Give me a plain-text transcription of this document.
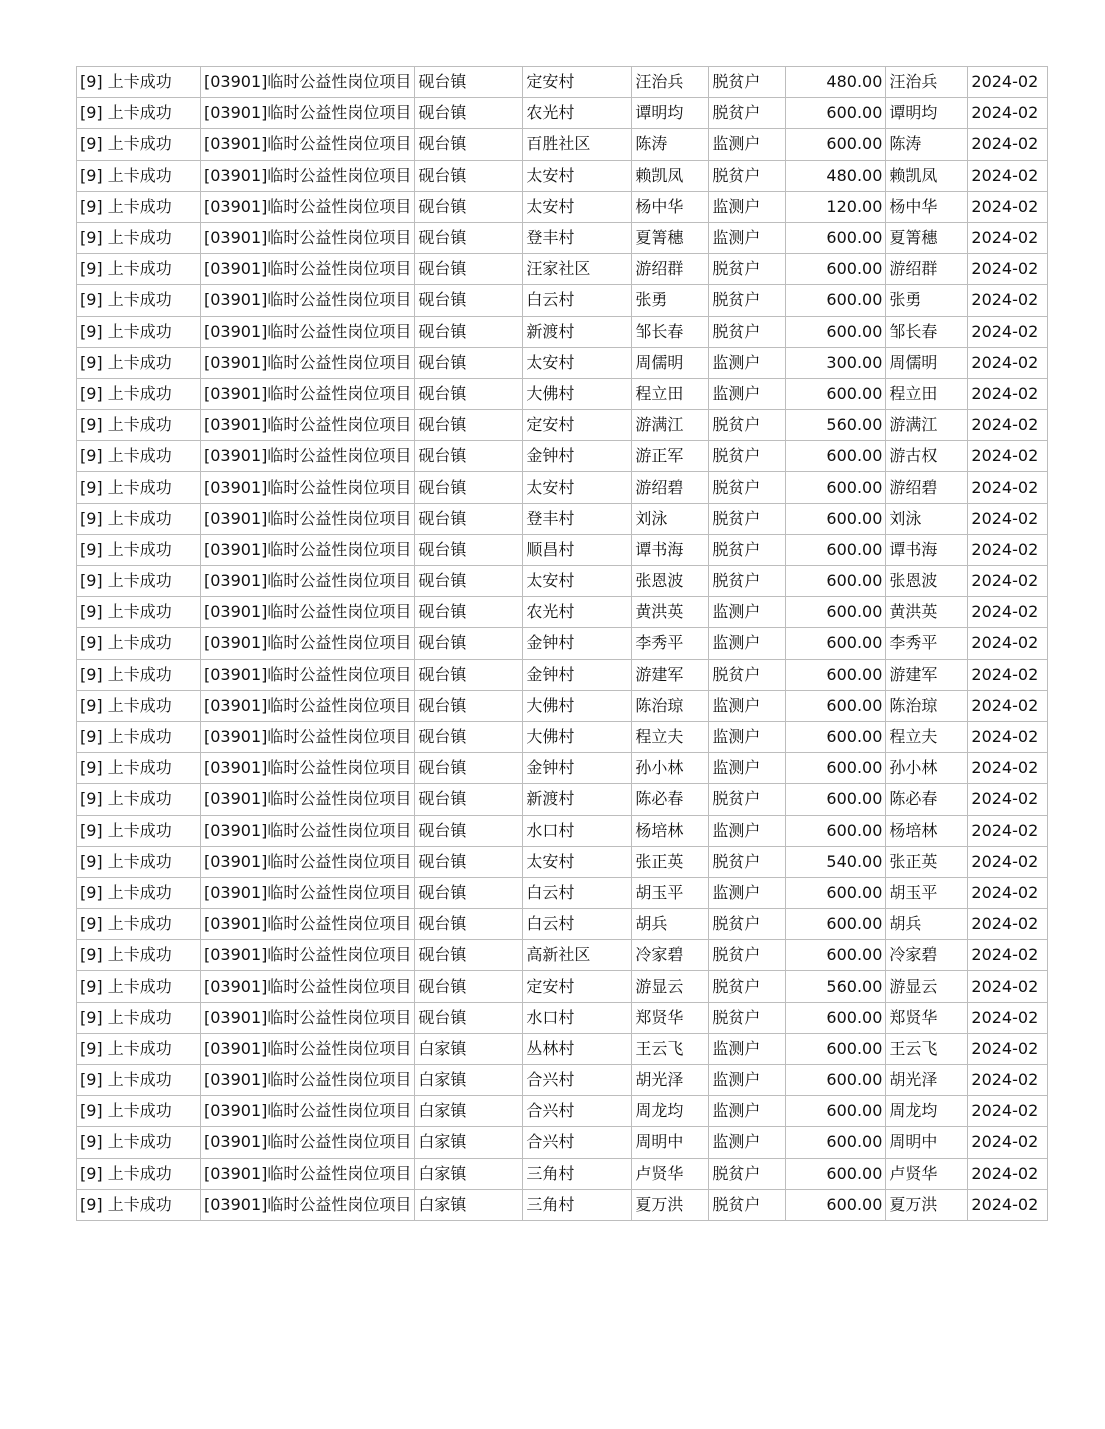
[9] 上卡成功	[03901]临时公益性岗位项目	砚台镇	定安村	汪治兵	脱贫户	480.00	汪治兵	2024-02
[9] 上卡成功	[03901]临时公益性岗位项目	砚台镇	农光村	谭明均	脱贫户	600.00	谭明均	2024-02
[9] 上卡成功	[03901]临时公益性岗位项目	砚台镇	百胜社区	陈涛	监测户	600.00	陈涛	2024-02
[9] 上卡成功	[03901]临时公益性岗位项目	砚台镇	太安村	赖凯凤	脱贫户	480.00	赖凯凤	2024-02
[9] 上卡成功	[03901]临时公益性岗位项目	砚台镇	太安村	杨中华	监测户	120.00	杨中华	2024-02
[9] 上卡成功	[03901]临时公益性岗位项目	砚台镇	登丰村	夏箐穗	监测户	600.00	夏箐穗	2024-02
[9] 上卡成功	[03901]临时公益性岗位项目	砚台镇	汪家社区	游绍群	脱贫户	600.00	游绍群	2024-02
[9] 上卡成功	[03901]临时公益性岗位项目	砚台镇	白云村	张勇	脱贫户	600.00	张勇	2024-02
[9] 上卡成功	[03901]临时公益性岗位项目	砚台镇	新渡村	邹长春	脱贫户	600.00	邹长春	2024-02
[9] 上卡成功	[03901]临时公益性岗位项目	砚台镇	太安村	周儒明	监测户	300.00	周儒明	2024-02
[9] 上卡成功	[03901]临时公益性岗位项目	砚台镇	大佛村	程立田	监测户	600.00	程立田	2024-02
[9] 上卡成功	[03901]临时公益性岗位项目	砚台镇	定安村	游满江	脱贫户	560.00	游满江	2024-02
[9] 上卡成功	[03901]临时公益性岗位项目	砚台镇	金钟村	游正军	脱贫户	600.00	游古权	2024-02
[9] 上卡成功	[03901]临时公益性岗位项目	砚台镇	太安村	游绍碧	脱贫户	600.00	游绍碧	2024-02
[9] 上卡成功	[03901]临时公益性岗位项目	砚台镇	登丰村	刘泳	脱贫户	600.00	刘泳	2024-02
[9] 上卡成功	[03901]临时公益性岗位项目	砚台镇	顺昌村	谭书海	脱贫户	600.00	谭书海	2024-02
[9] 上卡成功	[03901]临时公益性岗位项目	砚台镇	太安村	张恩波	脱贫户	600.00	张恩波	2024-02
[9] 上卡成功	[03901]临时公益性岗位项目	砚台镇	农光村	黄洪英	监测户	600.00	黄洪英	2024-02
[9] 上卡成功	[03901]临时公益性岗位项目	砚台镇	金钟村	李秀平	监测户	600.00	李秀平	2024-02
[9] 上卡成功	[03901]临时公益性岗位项目	砚台镇	金钟村	游建军	脱贫户	600.00	游建军	2024-02
[9] 上卡成功	[03901]临时公益性岗位项目	砚台镇	大佛村	陈治琼	监测户	600.00	陈治琼	2024-02
[9] 上卡成功	[03901]临时公益性岗位项目	砚台镇	大佛村	程立夫	监测户	600.00	程立夫	2024-02
[9] 上卡成功	[03901]临时公益性岗位项目	砚台镇	金钟村	孙小林	监测户	600.00	孙小林	2024-02
[9] 上卡成功	[03901]临时公益性岗位项目	砚台镇	新渡村	陈必春	脱贫户	600.00	陈必春	2024-02
[9] 上卡成功	[03901]临时公益性岗位项目	砚台镇	水口村	杨培林	监测户	600.00	杨培林	2024-02
[9] 上卡成功	[03901]临时公益性岗位项目	砚台镇	太安村	张正英	脱贫户	540.00	张正英	2024-02
[9] 上卡成功	[03901]临时公益性岗位项目	砚台镇	白云村	胡玉平	监测户	600.00	胡玉平	2024-02
[9] 上卡成功	[03901]临时公益性岗位项目	砚台镇	白云村	胡兵	脱贫户	600.00	胡兵	2024-02
[9] 上卡成功	[03901]临时公益性岗位项目	砚台镇	高新社区	冷家碧	脱贫户	600.00	冷家碧	2024-02
[9] 上卡成功	[03901]临时公益性岗位项目	砚台镇	定安村	游显云	脱贫户	560.00	游显云	2024-02
[9] 上卡成功	[03901]临时公益性岗位项目	砚台镇	水口村	郑贤华	脱贫户	600.00	郑贤华	2024-02
[9] 上卡成功	[03901]临时公益性岗位项目	白家镇	丛林村	王云飞	监测户	600.00	王云飞	2024-02
[9] 上卡成功	[03901]临时公益性岗位项目	白家镇	合兴村	胡光泽	监测户	600.00	胡光泽	2024-02
[9] 上卡成功	[03901]临时公益性岗位项目	白家镇	合兴村	周龙均	监测户	600.00	周龙均	2024-02
[9] 上卡成功	[03901]临时公益性岗位项目	白家镇	合兴村	周明中	监测户	600.00	周明中	2024-02
[9] 上卡成功	[03901]临时公益性岗位项目	白家镇	三角村	卢贤华	脱贫户	600.00	卢贤华	2024-02
[9] 上卡成功	[03901]临时公益性岗位项目	白家镇	三角村	夏万洪	脱贫户	600.00	夏万洪	2024-02
